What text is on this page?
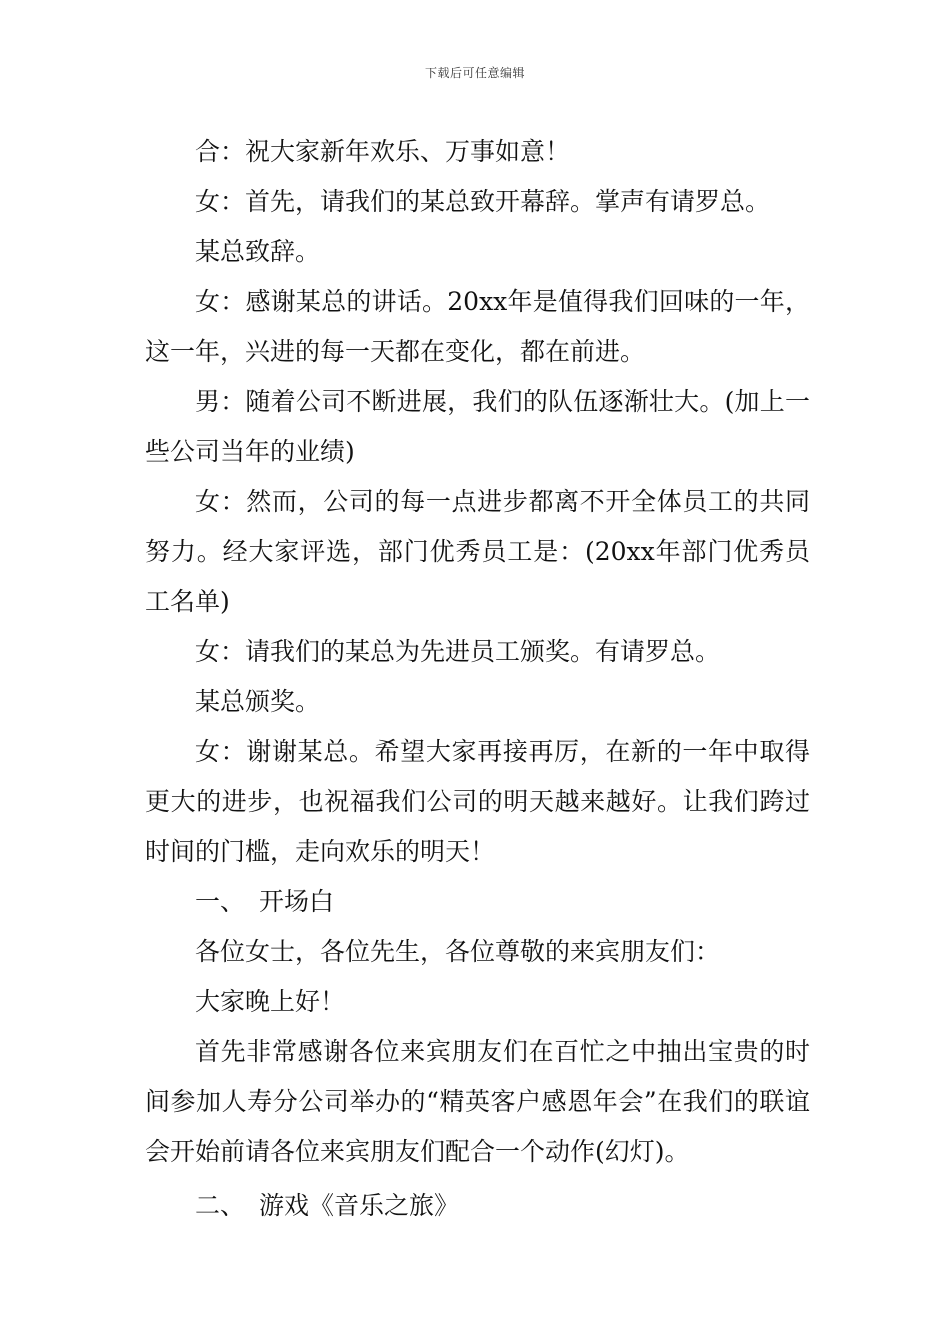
下载后可任意编辑

合：祝大家新年欢乐、万事如意！

女：首先，请我们的某总致开幕辞。掌声有请罗总。

某总致辞。

女：感谢某总的讲话。20xx年是值得我们回味的一年，这一年，兴进的每一天都在变化，都在前进。

男：随着公司不断进展，我们的队伍逐渐壮大。(加上一些公司当年的业绩)

女：然而，公司的每一点进步都离不开全体员工的共同努力。经大家评选，部门优秀员工是：(20xx年部门优秀员工名单)

女：请我们的某总为先进员工颁奖。有请罗总。

某总颁奖。

女：谢谢某总。希望大家再接再厉，在新的一年中取得更大的进步，也祝福我们公司的明天越来越好。让我们跨过时间的门槛，走向欢乐的明天！

一、 开场白

各位女士，各位先生，各位尊敬的来宾朋友们：

大家晚上好！

首先非常感谢各位来宾朋友们在百忙之中抽出宝贵的时间参加人寿分公司举办的“精英客户感恩年会”在我们的联谊会开始前请各位来宾朋友们配合一个动作(幻灯)。

二、 游戏《音乐之旅》
